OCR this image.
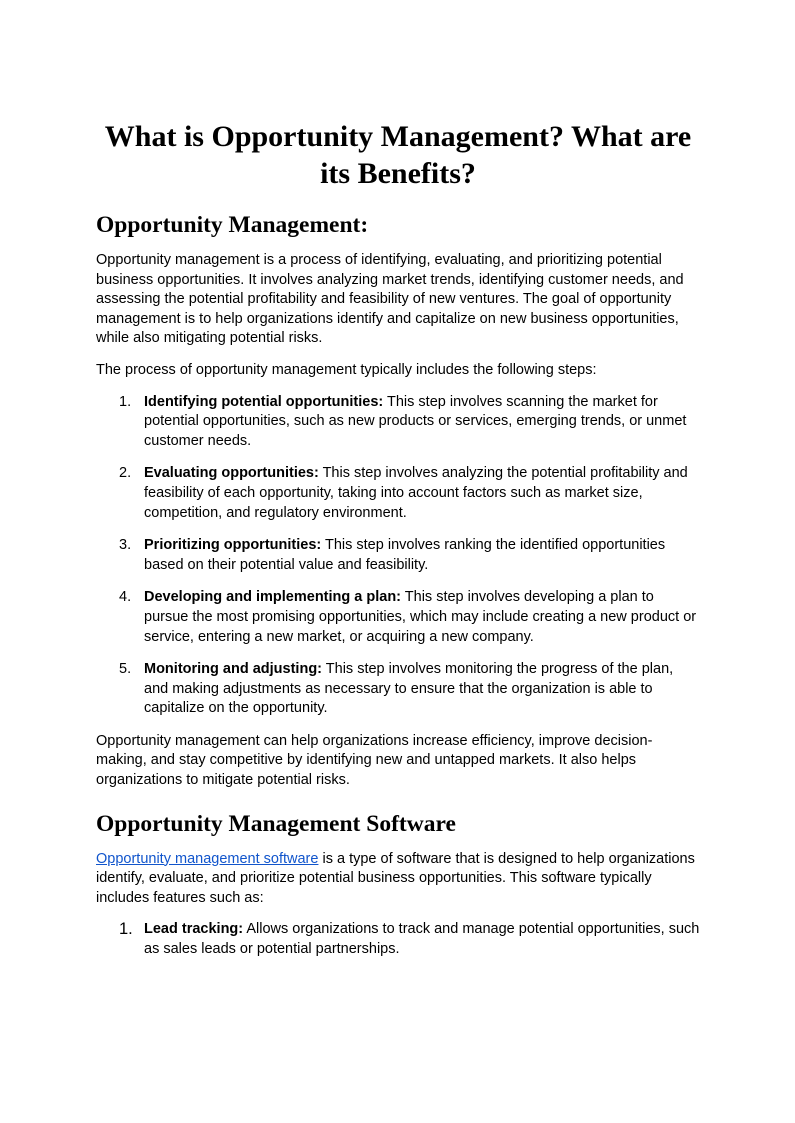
What is Opportunity Management? What are its Benefits?
Opportunity Management:

Opportunity management is a process of identifying, evaluating, and prioritizing potential business opportunities. It involves analyzing market trends, identifying customer needs, and assessing the potential profitability and feasibility of new ventures. The goal of opportunity management is to help organizations identify and capitalize on new business opportunities, while also mitigating potential risks.

The process of opportunity management typically includes the following steps:

1. Identifying potential opportunities: This step involves scanning the market for potential opportunities, such as new products or services, emerging trends, or unmet customer needs.
2. Evaluating opportunities: This step involves analyzing the potential profitability and feasibility of each opportunity, taking into account factors such as market size, competition, and regulatory environment.
3. Prioritizing opportunities: This step involves ranking the identified opportunities based on their potential value and feasibility.
4. Developing and implementing a plan: This step involves developing a plan to pursue the most promising opportunities, which may include creating a new product or service, entering a new market, or acquiring a new company.
5. Monitoring and adjusting: This step involves monitoring the progress of the plan, and making adjustments as necessary to ensure that the organization is able to capitalize on the opportunity.

Opportunity management can help organizations increase efficiency, improve decision-making, and stay competitive by identifying new and untapped markets. It also helps organizations to mitigate potential risks.

Opportunity Management Software

Opportunity management software is a type of software that is designed to help organizations identify, evaluate, and prioritize potential business opportunities. This software typically includes features such as:

1. Lead tracking: Allows organizations to track and manage potential opportunities, such as sales leads or potential partnerships.
